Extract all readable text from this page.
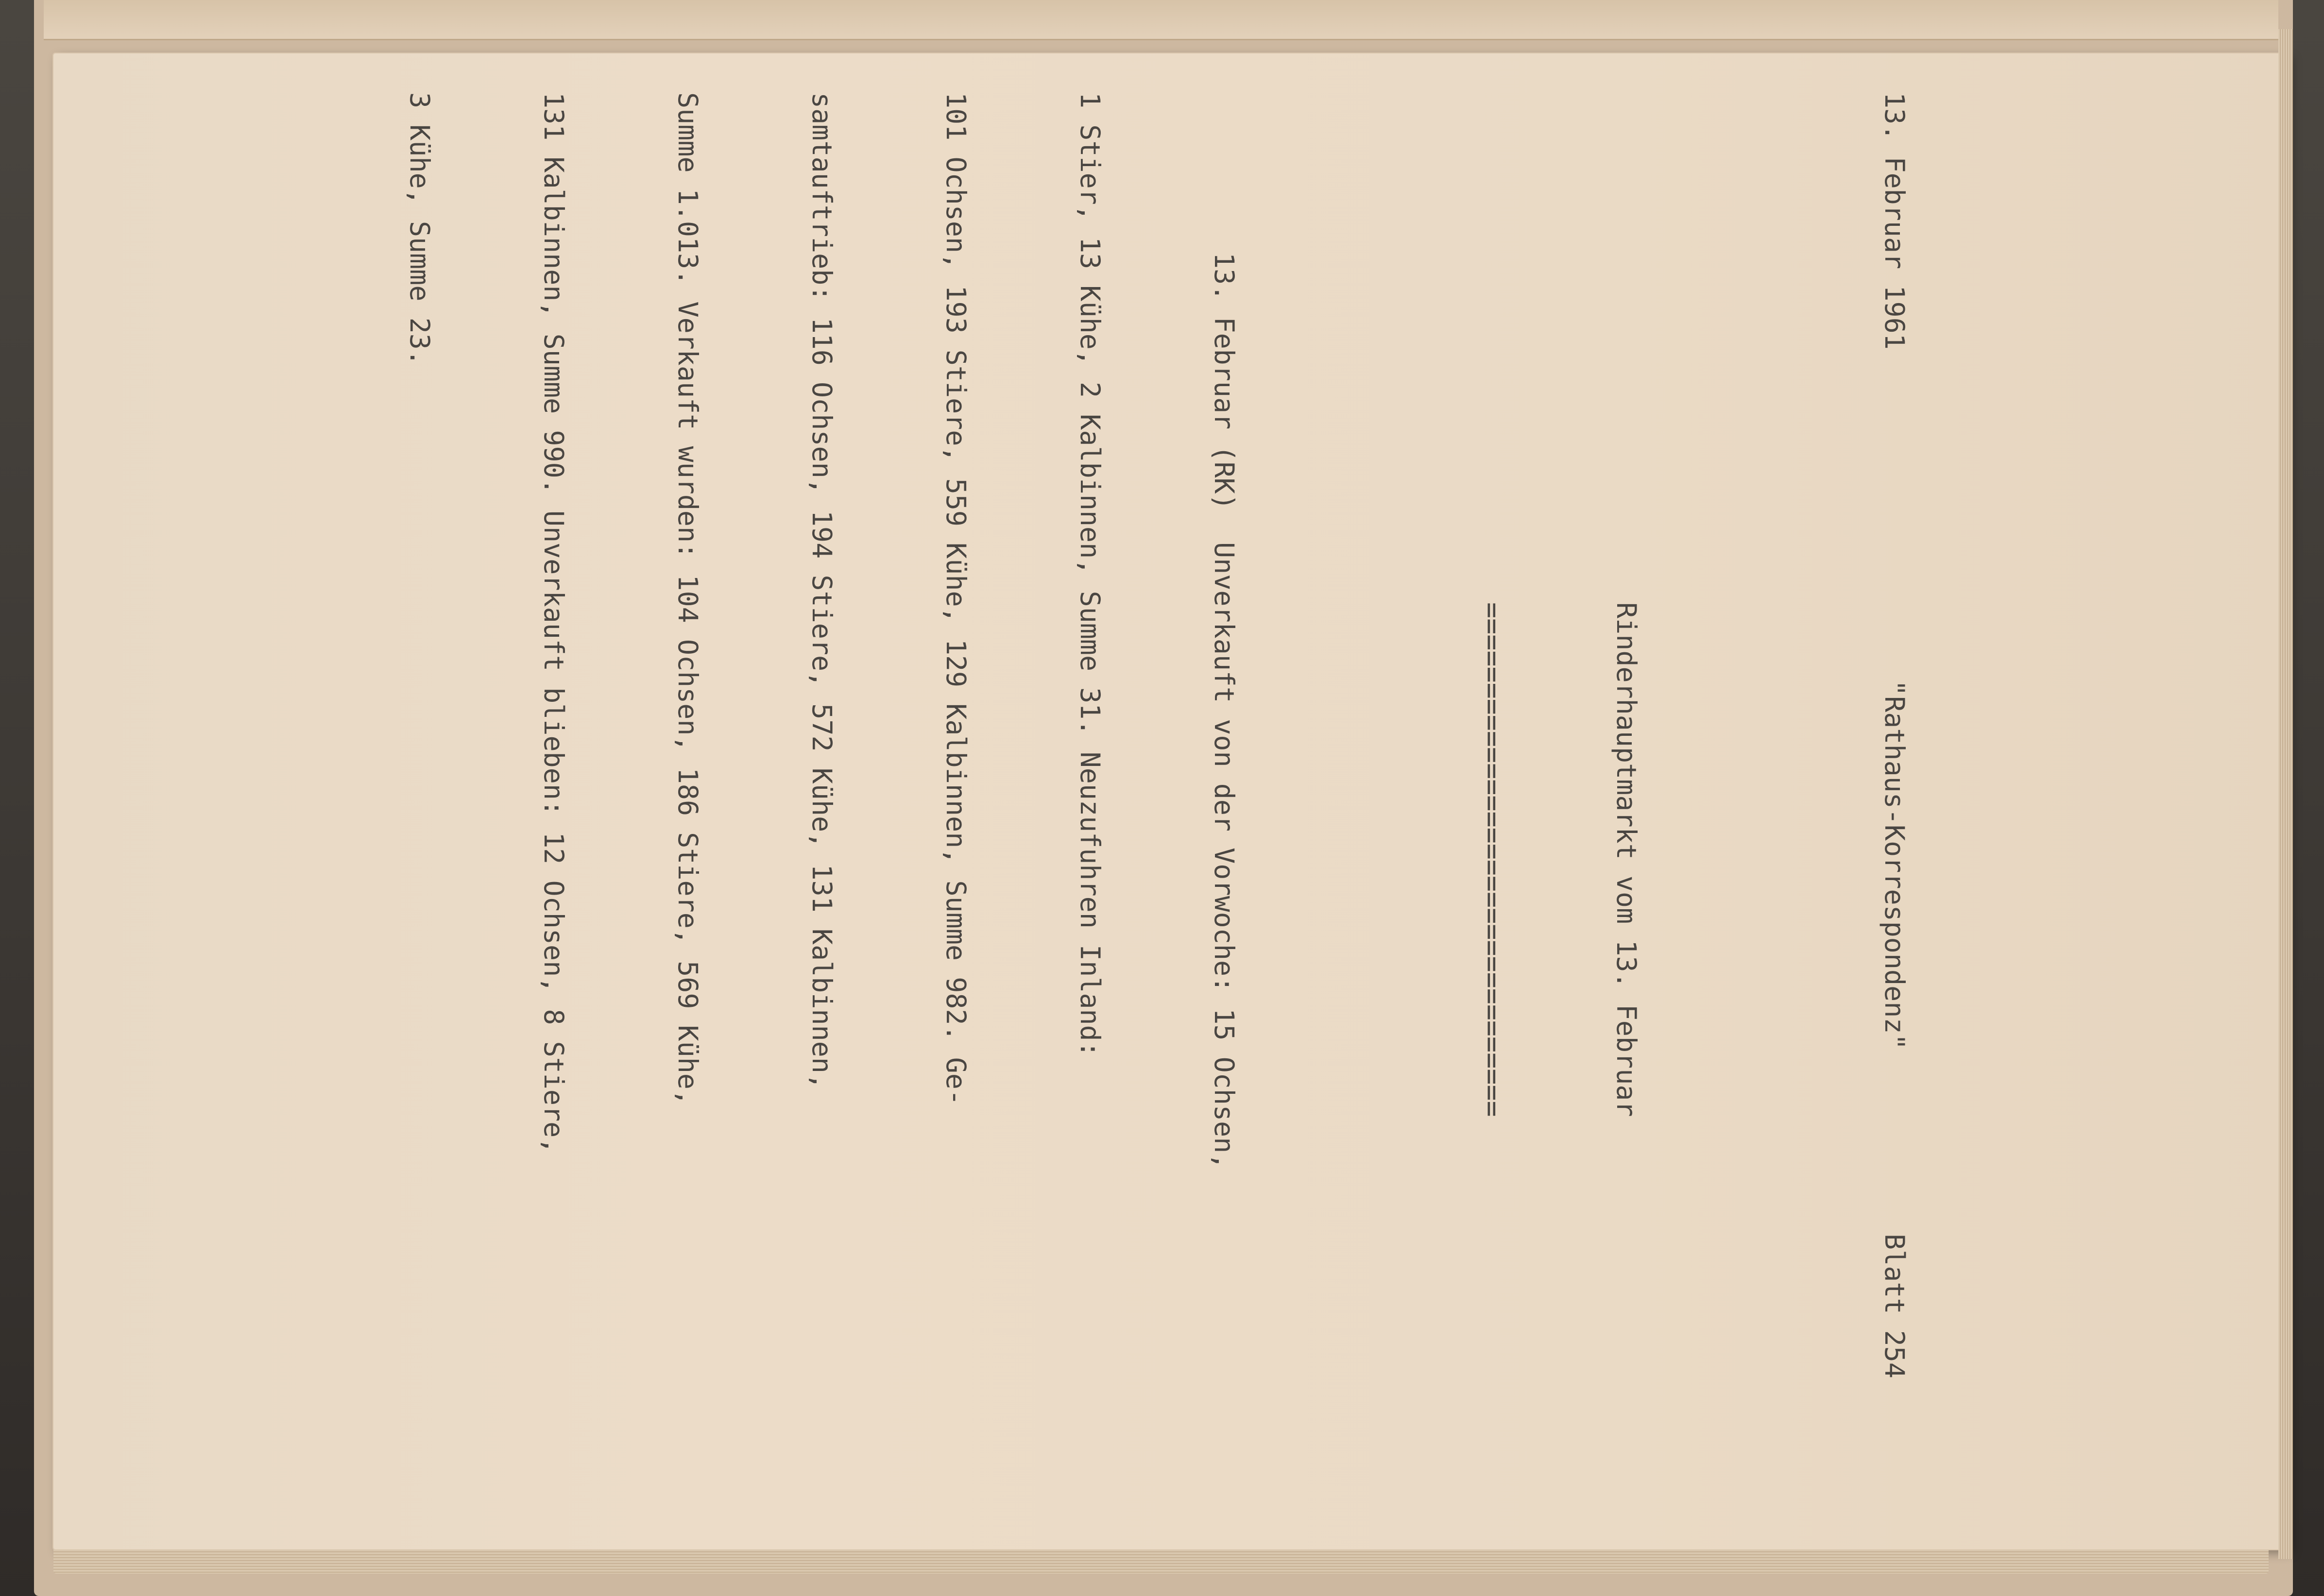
13. Februar 1961

"Rathaus-Korrespondenz"

Blatt 254

Rinderhauptmarkt vom 13. Februar

================================

13. Februar (RK)  Unverkauft von der Vorwoche: 15 Ochsen,

1 Stier, 13 Kühe, 2 Kalbinnen, Summe 31. Neuzufuhren Inland:

101 Ochsen, 193 Stiere, 559 Kühe, 129 Kalbinnen, Summe 982. Ge-

samtauftrieb: 116 Ochsen, 194 Stiere, 572 Kühe, 131 Kalbinnen,

Summe 1.013. Verkauft wurden: 104 Ochsen, 186 Stiere, 569 Kühe,

131 Kalbinnen, Summe 990. Unverkauft blieben: 12 Ochsen, 8 Stiere,

3 Kühe, Summe 23.
